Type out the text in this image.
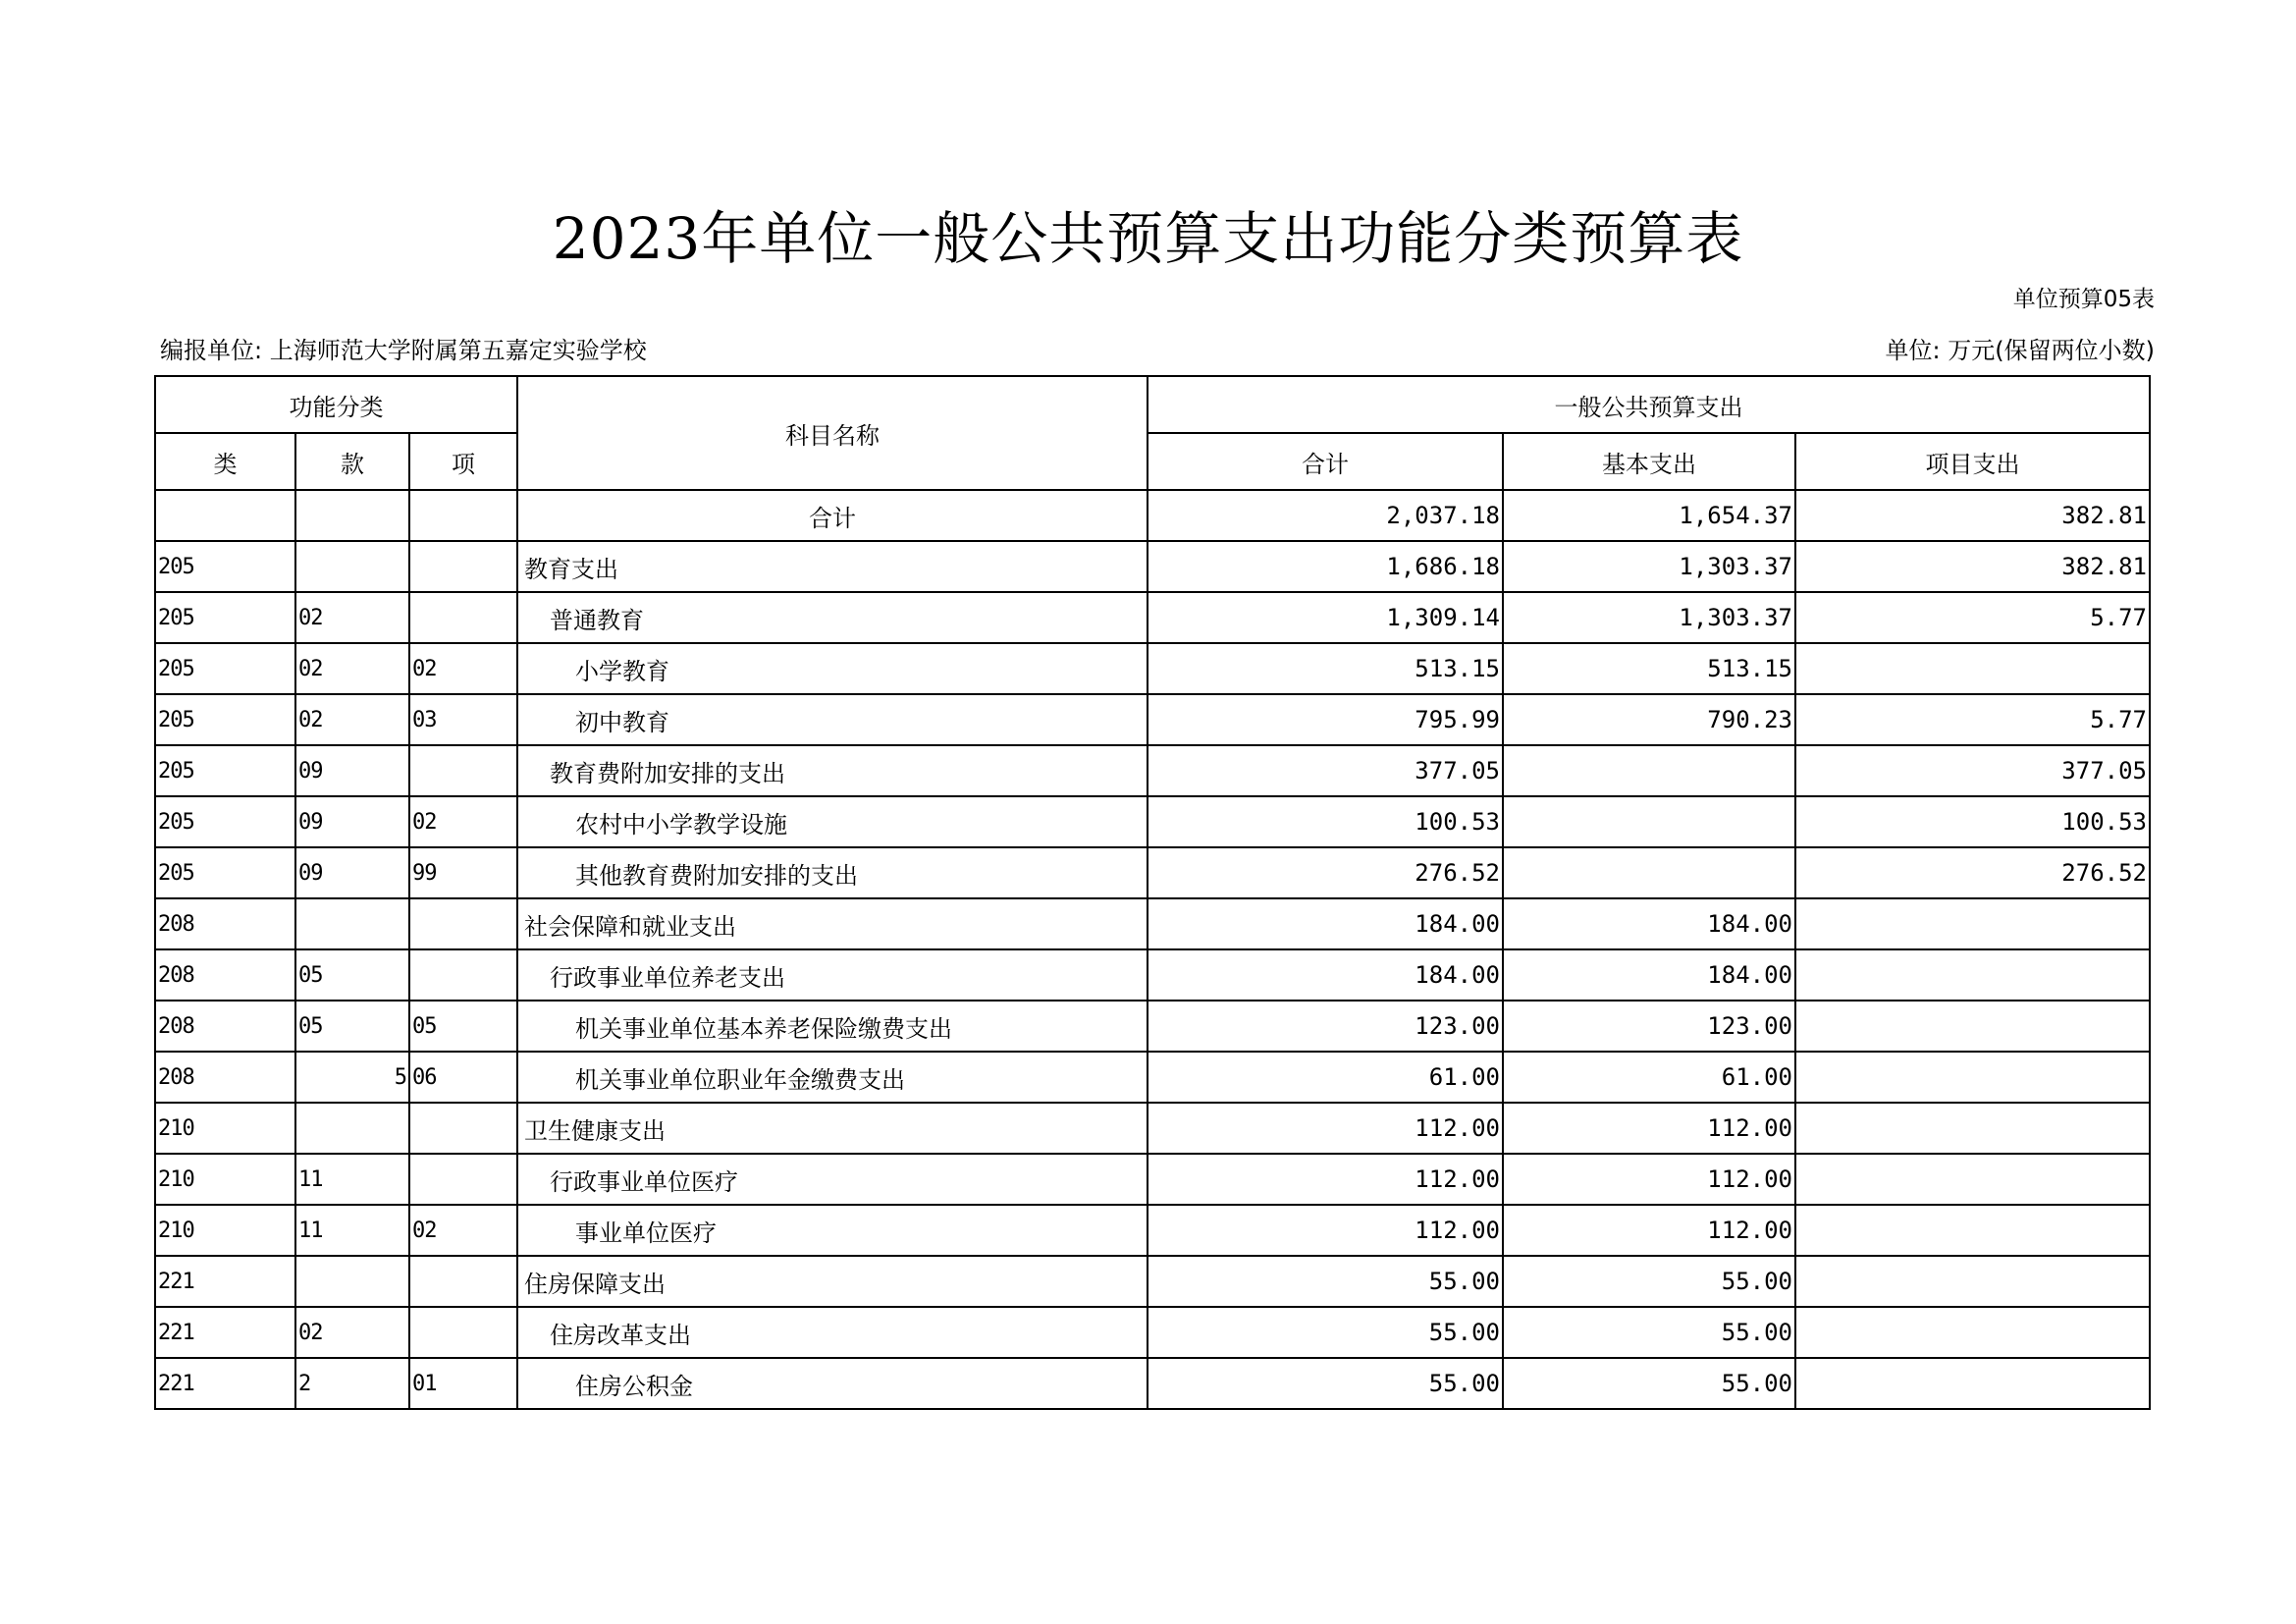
2023年单位一般公共预算支出功能分类预算表
单位预算05表
编报单位: 上海师范大学附属第五嘉定实验学校	单位: 万元(保留两位小数)
功能分类			科目名称	一般公共预算支出		
类	款	项		合计	基本支出	项目支出
			合计	2,037.18	1,654.37	382.81
205			教育支出	1,686.18	1,303.37	382.81
205	02		普通教育	1,309.14	1,303.37	5.77
205	02	02	小学教育	513.15	513.15	
205	02	03	初中教育	795.99	790.23	5.77
205	09		教育费附加安排的支出	377.05		377.05
205	09	02	农村中小学教学设施	100.53		100.53
205	09	99	其他教育费附加安排的支出	276.52		276.52
208			社会保障和就业支出	184.00	184.00	
208	05		行政事业单位养老支出	184.00	184.00	
208	05	05	机关事业单位基本养老保险缴费支出	123.00	123.00	
208	5	06	机关事业单位职业年金缴费支出	61.00	61.00	
210			卫生健康支出	112.00	112.00	
210	11		行政事业单位医疗	112.00	112.00	
210	11	02	事业单位医疗	112.00	112.00	
221			住房保障支出	55.00	55.00	
221	02		住房改革支出	55.00	55.00	
221	2	01	住房公积金	55.00	55.00	
